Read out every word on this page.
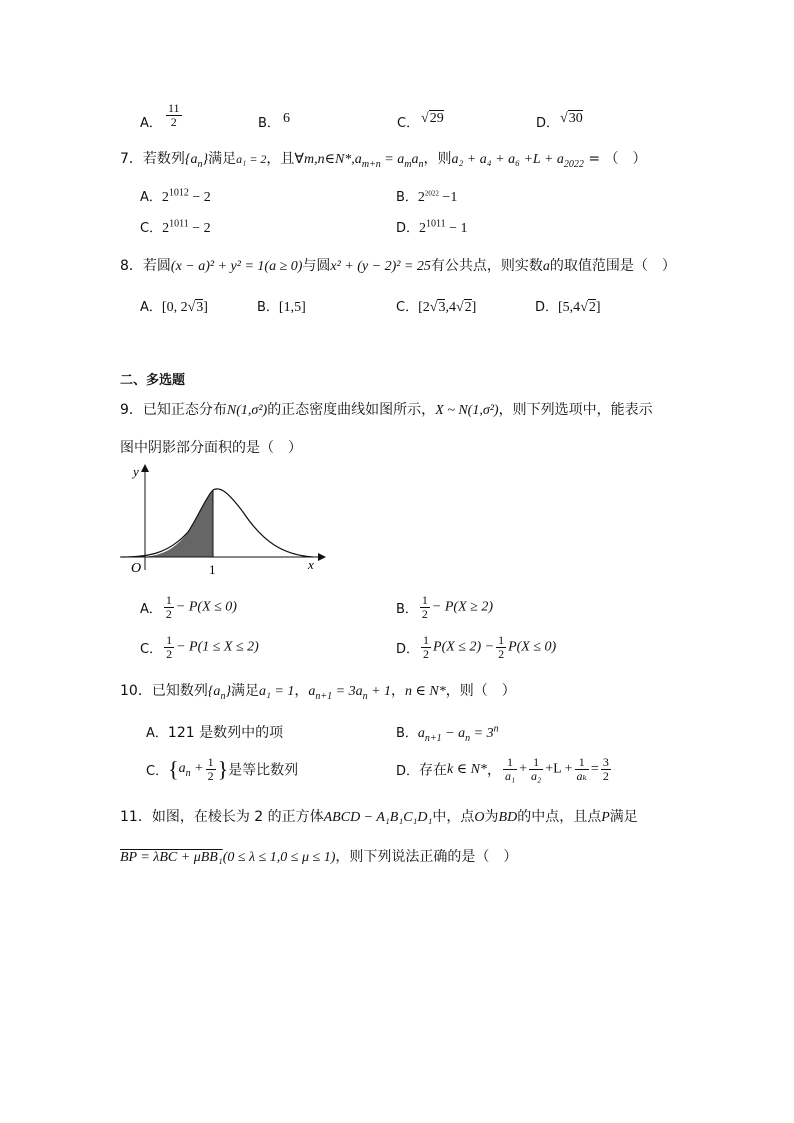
A． $\frac{11}{2}$	B． 6	C． √29	D． √30
7．若数列$\{a_n\}$满足a₁ = 2，且$\forall m,n\in N*,a_{m+n} = a_ma_n$，则$a_2 + a_4 + a_6 +L + a_{2022}$ = （　）
A．$2^{1012} - 2$	B．$2^{2022} -1$
C．$2^{1011} - 2$	D．$2^{1011} - 1$
8．若圆(x − a)² + y² = 1(a ≥ 0)与圆x² + (y − 2)² = 25有公共点，则实数a的取值范围是（　）
A．[0, 2√3]	B．[1,5]	C．[2√3,4√2]	D．[5,4√2]
二、多选题
9．已知正态分布N(1,σ²)的正态密度曲线如图所示，X ~ N(1,σ²)，则下列选项中，能表示
图中阴影部分面积的是（　）
y
x
O	1
A． $\frac{1}{2} - P(X \le 0)$	B． $\frac{1}{2} - P(X \ge 2)$
C． $\frac{1}{2} - P(1 \le X \le 2)$	D． $\frac{1}{2} P(X \le 2) - \frac{1}{2} P(X \le 0)$
10．已知数列$\{a_n\}$满足a₁ = 1，$a_{n+1} = 3a_n + 1$，n ∈ N*，则（　）
A．121 是数列中的项	B．$a_{n+1} - a_n = 3^n$
C．{$a_n + \frac{1}{2}$ }是等比数列	D．存在k ∈ N*， $\frac{1}{\text{a₁}} + \frac{1}{\text{a₂}} +L + \frac{1}{\text{aₖ}} = \frac{3}{2}$
11．如图，在棱长为 2 的正方体ABCD − A₁B₁C₁D₁中，点O为BD的中点，且点P满足
BP = λBC + μBB₁(0 ≤ λ ≤ 1,0 ≤ μ ≤ 1)，则下列说法正确的是（　）
